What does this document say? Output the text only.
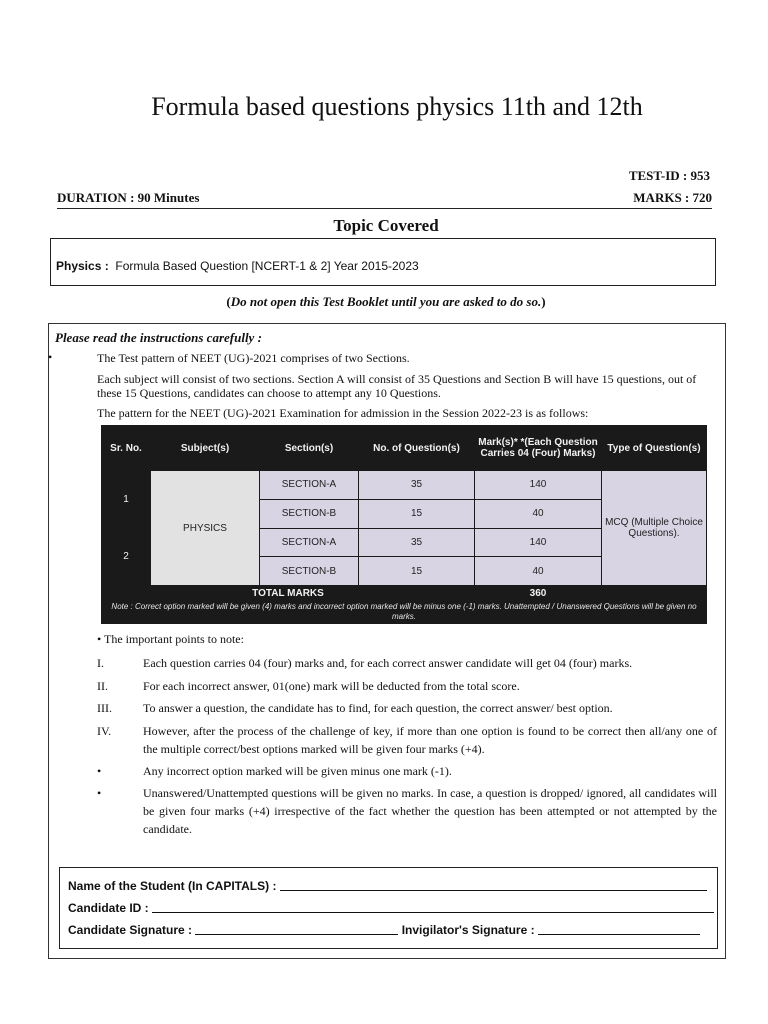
Formula based questions physics 11th and 12th
TEST-ID : 953
DURATION : 90 Minutes	MARKS : 720
Topic Covered
Physics : Formula Based Question [NCERT-1 & 2] Year 2015-2023
(Do not open this Test Booklet until you are asked to do so.)
Please read the instructions carefully :
•	The Test pattern of NEET (UG)-2021 comprises of two Sections.
Each subject will consist of two sections. Section A will consist of 35 Questions and Section B will have 15 questions, out of these 15 Questions, candidates can choose to attempt any 10 Questions.
The pattern for the NEET (UG)-2021 Examination for admission in the Session 2022-23 is as follows:
Sr. No.	Subject(s)	Section(s)	No. of Question(s)	Mark(s)* *(Each Question Carries 04 (Four) Marks)	Type of Question(s)
1	PHYSICS	SECTION-A	35	140	MCQ (Multiple Choice Questions).
		SECTION-B	15	40	
2		SECTION-A	35	140	
		SECTION-B	15	40	
TOTAL MARKS				360	
Note : Correct option marked will be given (4) marks and incorrect option marked will be minus one (-1) marks. Unattempted / Unanswered Questions will be given no marks.					
• The important points to note:
I.	Each question carries 04 (four) marks and, for each correct answer candidate will get 04 (four) marks.
II.	For each incorrect answer, 01(one) mark will be deducted from the total score.
III.	To answer a question, the candidate has to find, for each question, the correct answer/ best option.
IV.	However, after the process of the challenge of key, if more than one option is found to be correct then all/any one of the multiple correct/best options marked will be given four marks (+4).
•	Any incorrect option marked will be given minus one mark (-1).
•	Unanswered/Unattempted questions will be given no marks. In case, a question is dropped/ ignored, all candidates will be given four marks (+4) irrespective of the fact whether the question has been attempted or not attempted by the candidate.
Name of the Student (In CAPITALS) :
Candidate ID :
Candidate Signature :	Invigilator's Signature :
